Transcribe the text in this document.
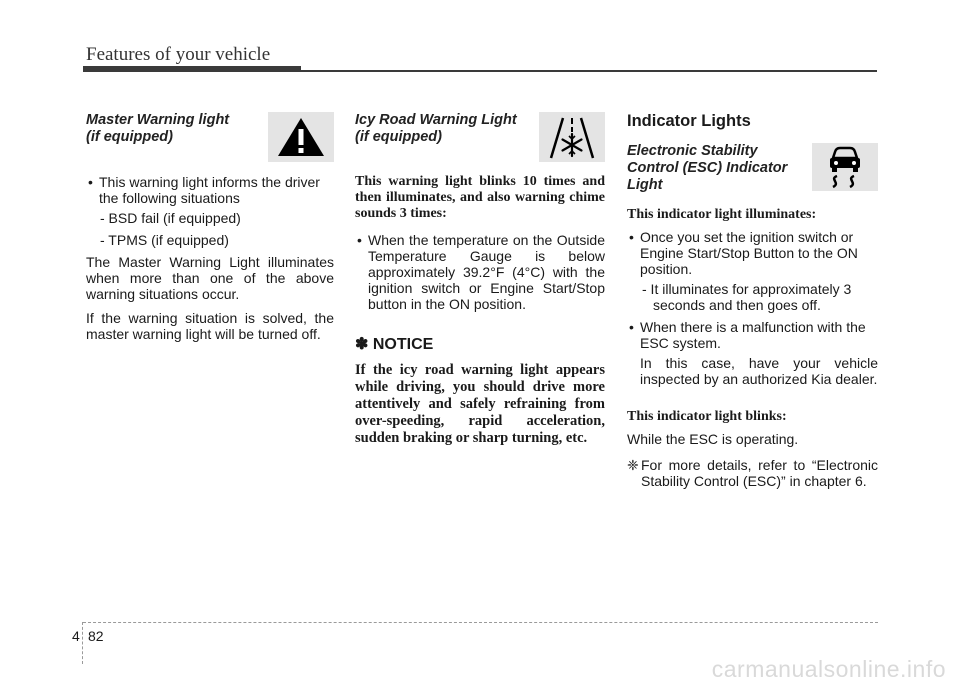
Features of your vehicle
Master Warning light
(if equipped)
• This warning light informs the driver the following situations
- BSD fail (if equipped)
- TPMS (if equipped)
The Master Warning Light illuminates when more than one of the above warning situations occur.
If the warning situation is solved, the master warning light will be turned off.
Icy Road Warning Light
(if equipped)
This warning light blinks 10 times and then illuminates, and also warning chime sounds 3 times:
• When the temperature on the Outside Temperature Gauge is below approximately 39.2°F (4°C) with the ignition switch or Engine Start/Stop button in the ON position.
✽ NOTICE
If the icy road warning light appears while driving, you should drive more attentively and safely refraining from over-speeding, rapid acceleration, sudden braking or sharp turning, etc.
Indicator Lights
Electronic Stability
Control (ESC) Indicator
Light
This indicator light illuminates:
• Once you set the ignition switch or Engine Start/Stop Button to the ON position.
- It illuminates for approximately 3 seconds and then goes off.
• When there is a malfunction with the ESC system.
In this case, have your vehicle inspected by an authorized Kia dealer.
This indicator light blinks:
While the ESC is operating.
❈ For more details, refer to “Electronic Stability Control (ESC)” in chapter 6.
4 82
carmanualsonline.info
